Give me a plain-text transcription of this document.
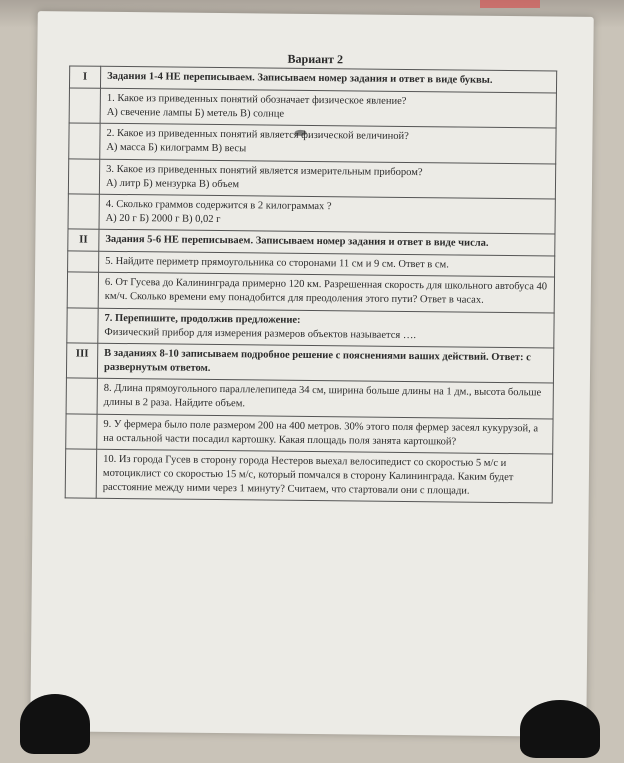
Вариант 2
I	Задания 1-4 НЕ переписываем. Записываем номер задания и ответ в виде буквы.

	1. Какое из приведенных понятий обозначает физическое явление?
А) свечение лампы Б) метель В) солнце

	2. Какое из приведенных понятий является физической величиной?
А) масса Б) килограмм В) весы

	3. Какое из приведенных понятий является измерительным прибором?
А) литр Б) мензурка В) объем

	4. Сколько граммов содержится в 2 килограммах ?
А) 20 г Б) 2000 г В) 0,02 г

II	Задания 5-6 НЕ переписываем. Записываем номер задания и ответ в виде числа.

	5. Найдите периметр прямоугольника со сторонами 11 см и 9 см. Ответ в см.

	6. От Гусева до Калининграда примерно 120 км. Разрешенная скорость для школьного автобуса 40 км/ч. Сколько времени ему понадобится для преодоления этого пути? Ответ в часах.

	7. Перепишите, продолжив предложение:
Физический прибор для измерения размеров объектов называется ….

III	В заданиях 8-10 записываем подробное решение с пояснениями ваших действий. Ответ: с развернутым ответом.

	8. Длина прямоугольного параллелепипеда 34 см, ширина больше длины на 1 дм., высота больше длины в 2 раза. Найдите объем.

	9. У фермера было поле размером 200 на 400 метров. 30% этого поля фермер засеял кукурузой, а на остальной части посадил картошку. Какая площадь поля занята картошкой?

	10. Из города Гусев в сторону города Нестеров выехал велосипедист со скоростью 5 м/с и мотоциклист со скоростью 15 м/с, который помчался в сторону Калининграда. Каким будет расстояние между ними через 1 минуту? Считаем, что стартовали они с площади.
